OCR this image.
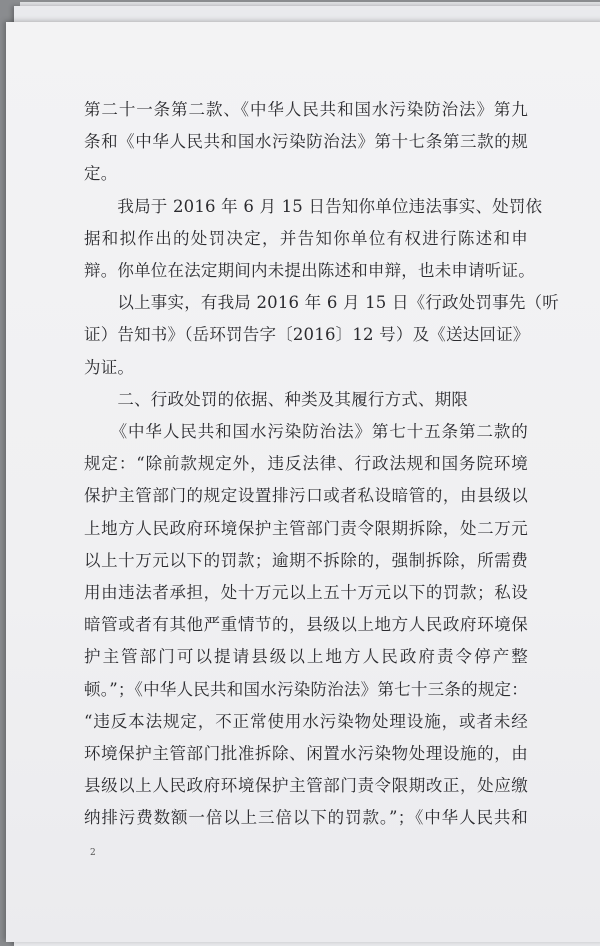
第二十一条第二款、《中华人民共和国水污染防治法》第九
条和《中华人民共和国水污染防治法》第十七条第三款的规
定。
　　我局于 2016 年 6 月 15 日告知你单位违法事实、处罚依
据和拟作出的处罚决定，并告知你单位有权进行陈述和申
辩。你单位在法定期间内未提出陈述和申辩，也未申请听证。
　　以上事实，有我局 2016 年 6 月 15 日《行政处罚事先（听
证）告知书》（岳环罚告字〔2016〕12 号）及《送达回证》
为证。
　　二、行政处罚的依据、种类及其履行方式、期限
　　《中华人民共和国水污染防治法》第七十五条第二款的
规定：“除前款规定外，违反法律、行政法规和国务院环境
保护主管部门的规定设置排污口或者私设暗管的，由县级以
上地方人民政府环境保护主管部门责令限期拆除，处二万元
以上十万元以下的罚款；逾期不拆除的，强制拆除，所需费
用由违法者承担，处十万元以上五十万元以下的罚款；私设
暗管或者有其他严重情节的，县级以上地方人民政府环境保
护主管部门可以提请县级以上地方人民政府责令停产整
顿。”；《中华人民共和国水污染防治法》第七十三条的规定：
“违反本法规定，不正常使用水污染物处理设施，或者未经
环境保护主管部门批准拆除、闲置水污染物处理设施的，由
县级以上人民政府环境保护主管部门责令限期改正，处应缴
纳排污费数额一倍以上三倍以下的罚款。”；《中华人民共和
2
